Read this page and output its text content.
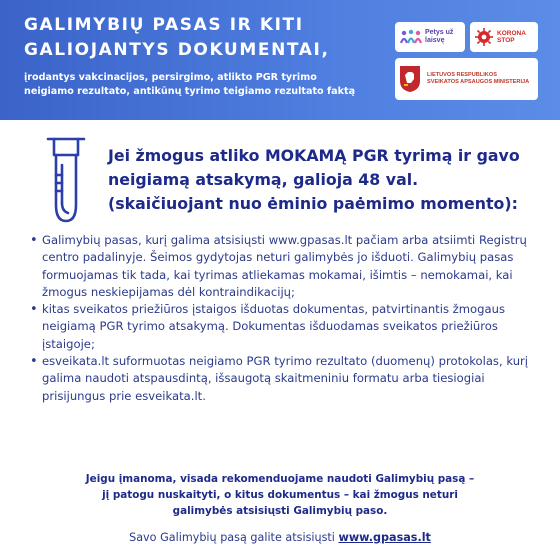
GALIMYBIŲ PASAS IR KITI
GALIOJANTYS DOKUMENTAI,
įrodantys vakcinacijos, persirgimo, atlikto PGR tyrimo
neigiamo rezultato, antikūnų tyrimo teigiamo rezultato faktą
Petys už
laisvę
KORONA
STOP
LIETUVOS RESPUBLIKOS
SVEIKATOS APSAUGOS MINISTERIJA
Jei žmogus atliko MOKAMĄ PGR tyrimą ir gavo
neigiamą atsakymą, galioja 48 val.
(skaičiuojant nuo ėminio paėmimo momento):
• Galimybių pasas, kurį galima atsisiųsti www.gpasas.lt pačiam arba atsiimti Registrų centro padalinyje. Šeimos gydytojas neturi galimybės jo išduoti. Galimybių pasas formuojamas tik tada, kai tyrimas atliekamas mokamai, išimtis – nemokamai, kai žmogus neskiepijamas dėl kontraindikacijų;
• kitas sveikatos priežiūros įstaigos išduotas dokumentas, patvirtinantis žmogaus neigiamą PGR tyrimo atsakymą. Dokumentas išduodamas sveikatos priežiūros įstaigoje;
• esveikata.lt suformuotas neigiamo PGR tyrimo rezultato (duomenų) protokolas, kurį galima naudoti atspausdintą, išsaugotą skaitmeniniu formatu arba tiesiogiai prisijungus prie esveikata.lt.
Jeigu įmanoma, visada rekomenduojame naudoti Galimybių pasą –
jį patogu nuskaityti, o kitus dokumentus – kai žmogus neturi
galimybės atsisiųsti Galimybių paso.
Savo Galimybių pasą galite atsisiųsti www.gpasas.lt
